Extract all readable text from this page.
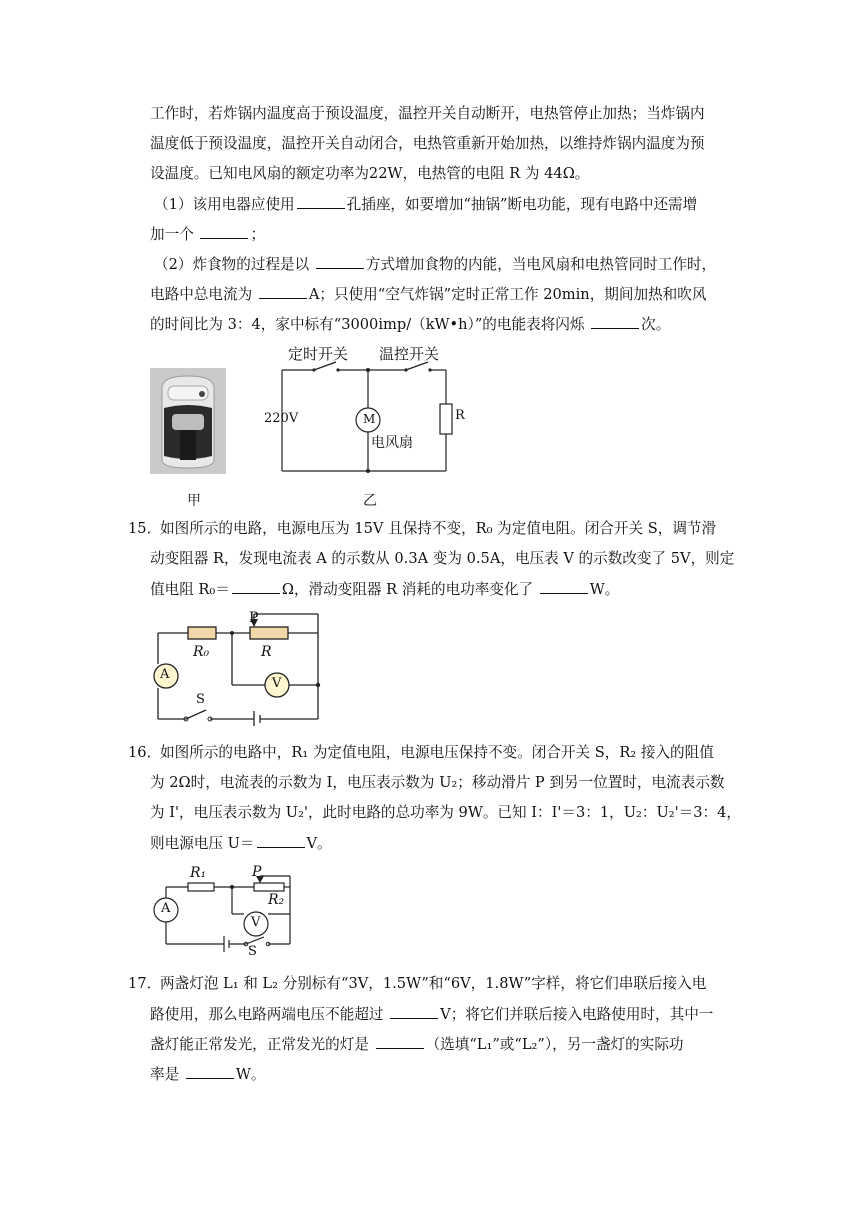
工作时，若炸锅内温度高于预设温度，温控开关自动断开，电热管停止加热；当炸锅内
温度低于预设温度，温控开关自动闭合，电热管重新开始加热，以维持炸锅内温度为预
设温度。已知电风扇的额定功率为22W，电热管的电阻 R 为 44Ω。
（1）该用电器应使用	孔插座，如要增加“抽锅”断电功能，现有电路中还需增
加一个	；
（2）炸食物的过程是以	方式增加食物的内能，当电风扇和电热管同时工作时，
电路中总电流为	A；只使用“空气炸锅”定时正常工作 20min，期间加热和吹风
的时间比为 3：4，家中标有“3000imp/（kW•h）”的电能表将闪烁	次。
甲
定时开关 温控开关
220V	M
电风扇
R
乙
15．
如图所示的电路，电源电压为 15V 且保持不变，R₀ 为定值电阻。闭合开关 S，调节滑
动变阻器 R，发现电流表 A 的示数从 0.3A 变为 0.5A，电压表 V 的示数改变了 5V，则定
值电阻 R₀＝	Ω，滑动变阻器 R 消耗的电功率变化了	W。
P
R₀	R
A
V
S
16．
如图所示的电路中，R₁ 为定值电阻，电源电压保持不变。闭合开关 S，R₂ 接入的阻值
为 2Ω时，电流表的示数为 I，电压表示数为 U₂；移动滑片 P 到另一位置时，电流表示数
为 I'，电压表示数为 U₂'，此时电路的总功率为 9W。已知 I：I'＝3：1，U₂：U₂'＝3：4，
则电源电压 U＝	V。
R₁	P
R₂
A
V
S
17．
两盏灯泡 L₁ 和 L₂ 分别标有“3V，1.5W”和“6V，1.8W”字样，将它们串联后接入电
路使用，那么电路两端电压不能超过	V；将它们并联后接入电路使用时，其中一
盏灯能正常发光，正常发光的灯是	（选填“L₁”或“L₂”），另一盏灯的实际功
率是	W。
